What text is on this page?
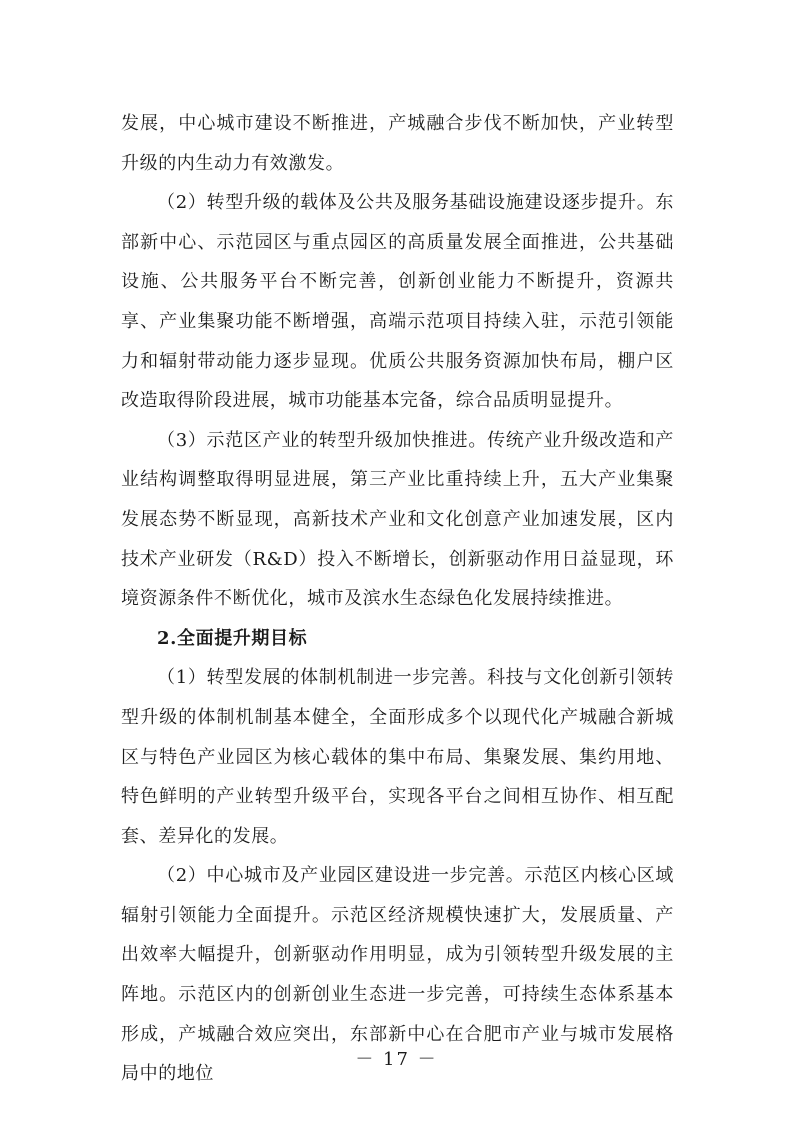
发展，中心城市建设不断推进，产城融合步伐不断加快，产业转型升级的内生动力有效激发。

（2）转型升级的载体及公共及服务基础设施建设逐步提升。东部新中心、示范园区与重点园区的高质量发展全面推进，公共基础设施、公共服务平台不断完善，创新创业能力不断提升，资源共享、产业集聚功能不断增强，高端示范项目持续入驻，示范引领能力和辐射带动能力逐步显现。优质公共服务资源加快布局，棚户区改造取得阶段进展，城市功能基本完备，综合品质明显提升。

（3）示范区产业的转型升级加快推进。传统产业升级改造和产业结构调整取得明显进展，第三产业比重持续上升，五大产业集聚发展态势不断显现，高新技术产业和文化创意产业加速发展，区内技术产业研发（R&D）投入不断增长，创新驱动作用日益显现，环境资源条件不断优化，城市及滨水生态绿色化发展持续推进。

2.全面提升期目标

（1）转型发展的体制机制进一步完善。科技与文化创新引领转型升级的体制机制基本健全，全面形成多个以现代化产城融合新城区与特色产业园区为核心载体的集中布局、集聚发展、集约用地、特色鲜明的产业转型升级平台，实现各平台之间相互协作、相互配套、差异化的发展。

（2）中心城市及产业园区建设进一步完善。示范区内核心区域辐射引领能力全面提升。示范区经济规模快速扩大，发展质量、产出效率大幅提升，创新驱动作用明显，成为引领转型升级发展的主阵地。示范区内的创新创业生态进一步完善，可持续生态体系基本形成，产城融合效应突出，东部新中心在合肥市产业与城市发展格局中的地位

－ 17 －
